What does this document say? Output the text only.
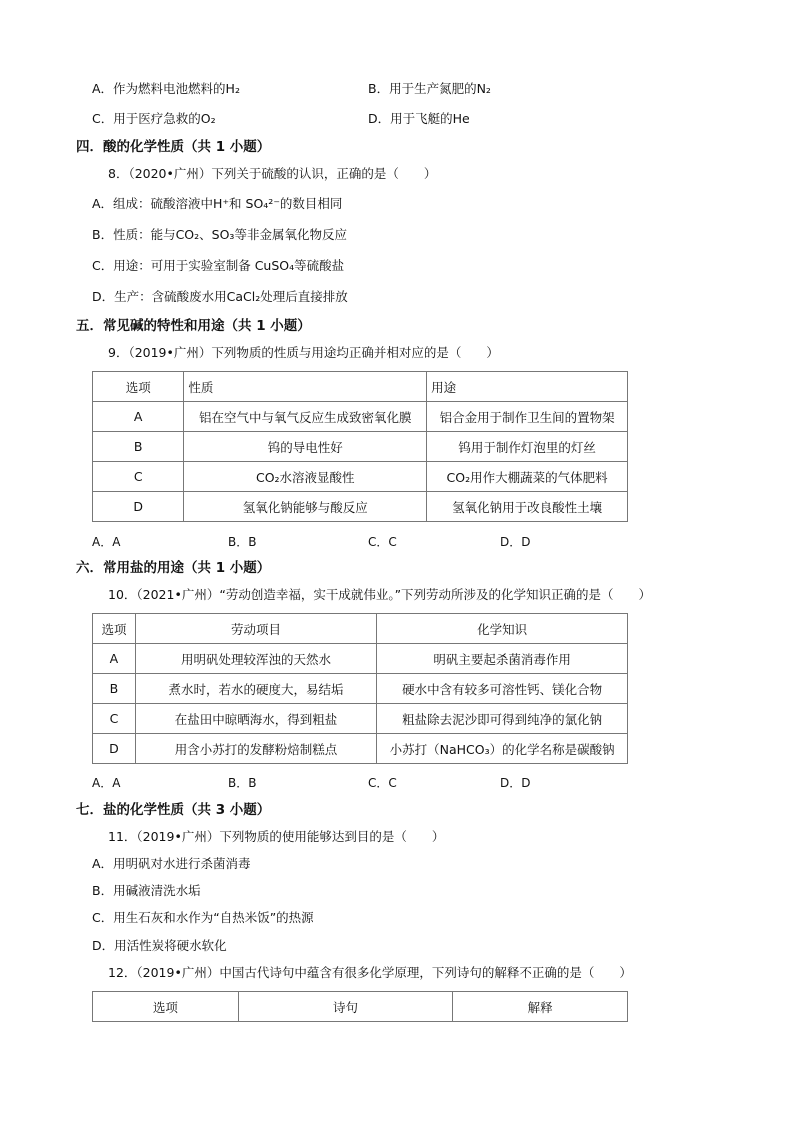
A．作为燃料电池燃料的H₂	B．用于生产氮肥的N₂
C．用于医疗急救的O₂	D．用于飞艇的He
四．酸的化学性质（共 1 小题）
8．（2020•广州）下列关于硫酸的认识，正确的是（　　）
A．组成：硫酸溶液中H⁺和 SO₄²⁻的数目相同
B．性质：能与CO₂、SO₃等非金属氧化物反应
C．用途：可用于实验室制备 CuSO₄等硫酸盐
D．生产：含硫酸废水用CaCl₂处理后直接排放
五．常见碱的特性和用途（共 1 小题）
9．（2019•广州）下列物质的性质与用途均正确并相对应的是（　　）
选项	性质	用途
A	铝在空气中与氧气反应生成致密氧化膜	铝合金用于制作卫生间的置物架
B	钨的导电性好	钨用于制作灯泡里的灯丝
C	CO₂水溶液显酸性	CO₂用作大棚蔬菜的气体肥料
D	氢氧化钠能够与酸反应	氢氧化钠用于改良酸性土壤
A．A	B．B	C．C	D．D
六．常用盐的用途（共 1 小题）
10．（2021•广州）“劳动创造幸福，实干成就伟业。”下列劳动所涉及的化学知识正确的是（　　）
选项	劳动项目	化学知识
A	用明矾处理较浑浊的天然水	明矾主要起杀菌消毒作用
B	煮水时，若水的硬度大，易结垢	硬水中含有较多可溶性钙、镁化合物
C	在盐田中晾晒海水，得到粗盐	粗盐除去泥沙即可得到纯净的氯化钠
D	用含小苏打的发酵粉焙制糕点	小苏打（NaHCO₃）的化学名称是碳酸钠
A．A	B．B	C．C	D．D
七．盐的化学性质（共 3 小题）
11．（2019•广州）下列物质的使用能够达到目的是（　　）
A．用明矾对水进行杀菌消毒
B．用碱液清洗水垢
C．用生石灰和水作为“自热米饭”的热源
D．用活性炭将硬水软化
12．（2019•广州）中国古代诗句中蕴含有很多化学原理，下列诗句的解释不正确的是（　　）
选项	诗句	解释
